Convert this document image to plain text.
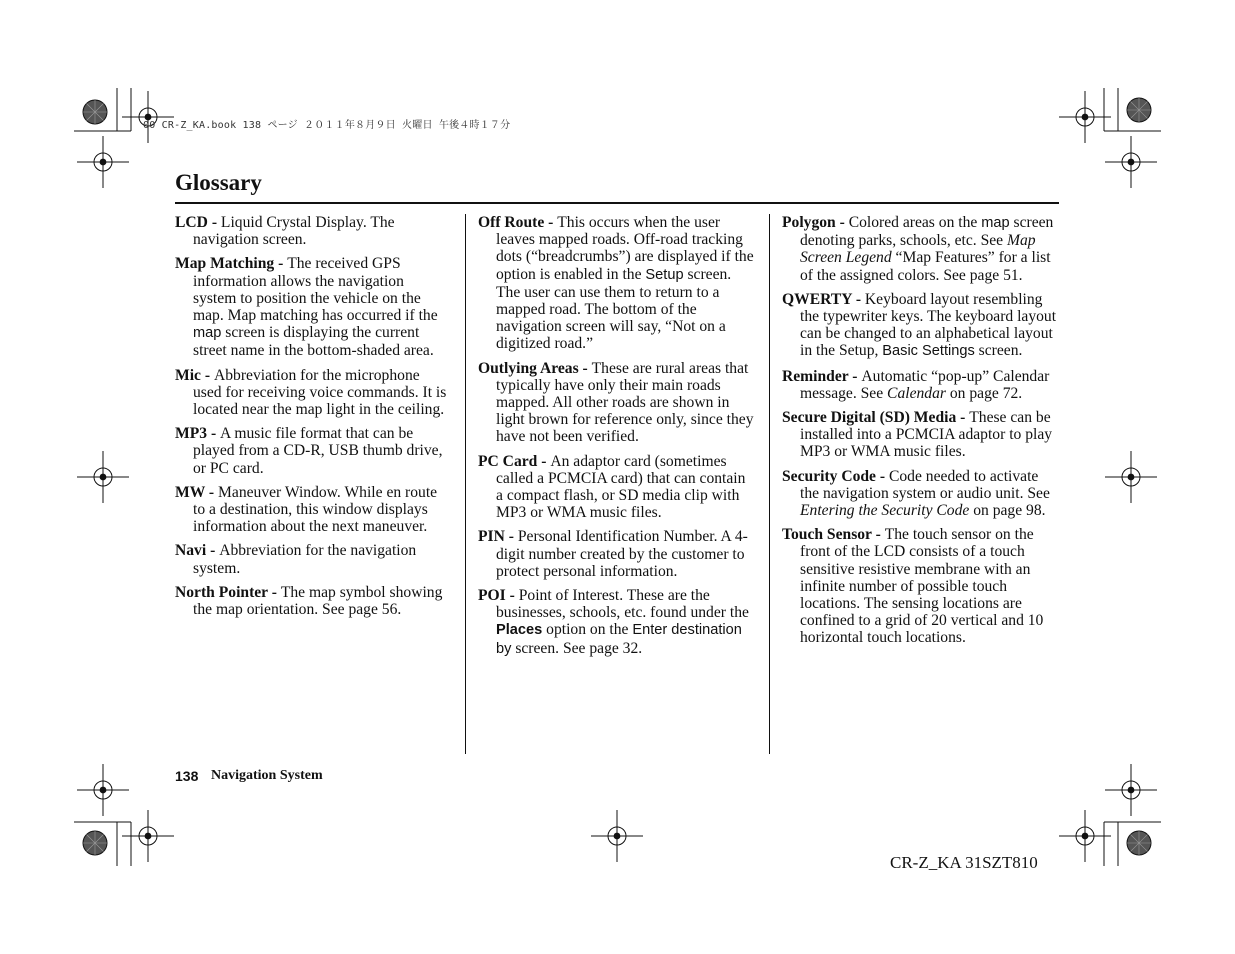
00 CR-Z_KA.book 138 ページ ２０１１年８月９日 火曜日 午後４時１７分
Glossary

LCD - Liquid Crystal Display. The navigation screen.

Map Matching - The received GPS information allows the navigation system to position the vehicle on the map. Map matching has occurred if the map screen is displaying the current street name in the bottom-shaded area.

Mic - Abbreviation for the microphone used for receiving voice commands. It is located near the map light in the ceiling.

MP3 - A music file format that can be played from a CD-R, USB thumb drive, or PC card.

MW - Maneuver Window. While en route to a destination, this window displays information about the next maneuver.

Navi - Abbreviation for the navigation system.

North Pointer - The map symbol showing the map orientation. See page 56.

Off Route - This occurs when the user leaves mapped roads. Off-road tracking dots (“breadcrumbs”) are displayed if the option is enabled in the Setup screen. The user can use them to return to a mapped road. The bottom of the navigation screen will say, “Not on a digitized road.”

Outlying Areas - These are rural areas that typically have only their main roads mapped. All other roads are shown in light brown for reference only, since they have not been verified.

PC Card - An adaptor card (sometimes called a PCMCIA card) that can contain a compact flash, or SD media clip with MP3 or WMA music files.

PIN - Personal Identification Number. A 4-digit number created by the customer to protect personal information.

POI - Point of Interest. These are the businesses, schools, etc. found under the Places option on the Enter destination by screen. See page 32.

Polygon - Colored areas on the map screen denoting parks, schools, etc. See Map Screen Legend “Map Features” for a list of the assigned colors. See page 51.

QWERTY - Keyboard layout resembling the typewriter keys. The keyboard layout can be changed to an alphabetical layout in the Setup, Basic Settings screen.

Reminder - Automatic “pop-up” Calendar message. See Calendar on page 72.

Secure Digital (SD) Media - These can be installed into a PCMCIA adaptor to play MP3 or WMA music files.

Security Code - Code needed to activate the navigation system or audio unit. See Entering the Security Code on page 98.

Touch Sensor - The touch sensor on the front of the LCD consists of a touch sensitive resistive membrane with an infinite number of possible touch locations. The sensing locations are confined to a grid of 20 vertical and 10 horizontal touch locations.

138 Navigation System
CR-Z_KA 31SZT810
